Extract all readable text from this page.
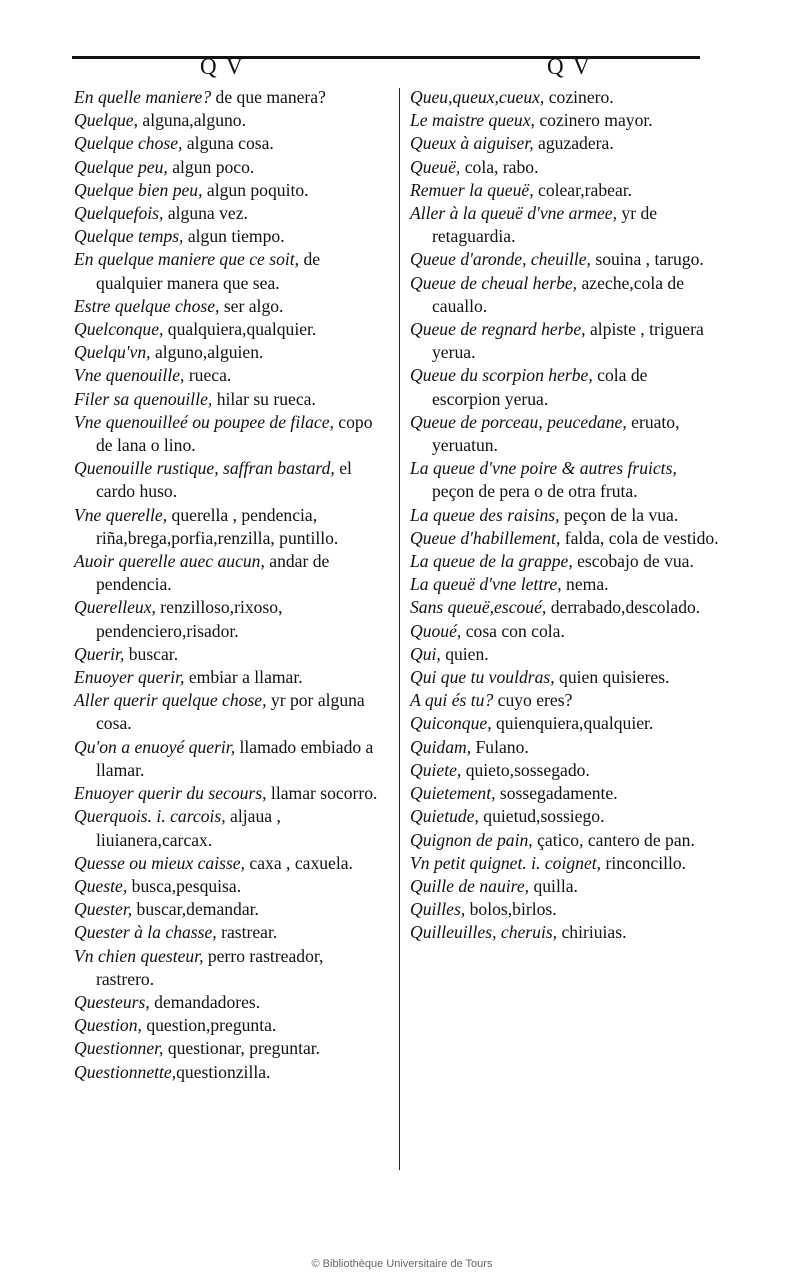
Q V	Q V

En quelle maniere? de que manera?

Quelque, alguna,alguno.

Quelque chose, alguna cosa.

Quelque peu, algun poco.

Quelque bien peu, algun poquito.

Quelquefois, alguna vez.

Quelque temps, algun tiempo.

En quelque maniere que ce soit, de qualquier manera que sea.

Estre quelque chose, ser algo.

Quelconque, qualquiera,qualquier.

Quelqu'vn, alguno,alguien.

Vne quenouille, rueca.

Filer sa quenouille, hilar su rueca.

Vne quenouilleé ou poupee de filace, copo de lana o lino.

Quenouille rustique, saffran bastard, el cardo huso.

Vne querelle, querella , pendencia, riña,brega,porfia,renzilla, puntillo.

Auoir querelle auec aucun, andar de pendencia.

Querelleux, renzilloso,rixoso, pendenciero,risador.

Querir, buscar.

Enuoyer querir, embiar a llamar.

Aller querir quelque chose, yr por alguna cosa.

Qu'on a enuoyé querir, llamado embiado a llamar.

Enuoyer querir du secours, llamar socorro.

Querquois. i. carcois, aljaua , liuianera,carcax.

Quesse ou mieux caisse, caxa , caxuela.

Queste, busca,pesquisa.

Quester, buscar,demandar.

Quester à la chasse, rastrear.

Vn chien questeur, perro rastreador, rastrero.

Questeurs, demandadores.

Question, question,pregunta.

Questionner, questionar, preguntar.

Questionnette,questionzilla.

Queu,queux,cueux, cozinero.

Le maistre queux, cozinero mayor.

Queux à aiguiser, aguzadera.

Queuë, cola, rabo.

Remuer la queuë, colear,rabear.

Aller à la queuë d'vne armee, yr de retaguardia.

Queue d'aronde, cheuille, souina , tarugo.

Queue de cheual herbe, azeche,cola de cauallo.

Queue de regnard herbe, alpiste , triguera yerua.

Queue du scorpion herbe, cola de escorpion yerua.

Queue de porceau, peucedane, eruato, yeruatun.

La queue d'vne poire & autres fruicts, peçon de pera o de otra fruta.

La queue des raisins, peçon de la vua.

Queue d'habillement, falda, cola de vestido.

La queue de la grappe, escobajo de vua.

La queuë d'vne lettre, nema.

Sans queuë,escoué, derrabado,descolado.

Quoué, cosa con cola.

Qui, quien.

Qui que tu vouldras, quien quisieres.

A qui és tu? cuyo eres?

Quiconque, quienquiera,qualquier.

Quidam, Fulano.

Quiete, quieto,sossegado.

Quietement, sossegadamente.

Quietude, quietud,sossiego.

Quignon de pain, çatico, cantero de pan.

Vn petit quignet. i. coignet, rinconcillo.

Quille de nauire, quilla.

Quilles, bolos,birlos.

Quilleuilles, cheruis, chiriuias.

© Bibliothèque Universitaire de Tours
